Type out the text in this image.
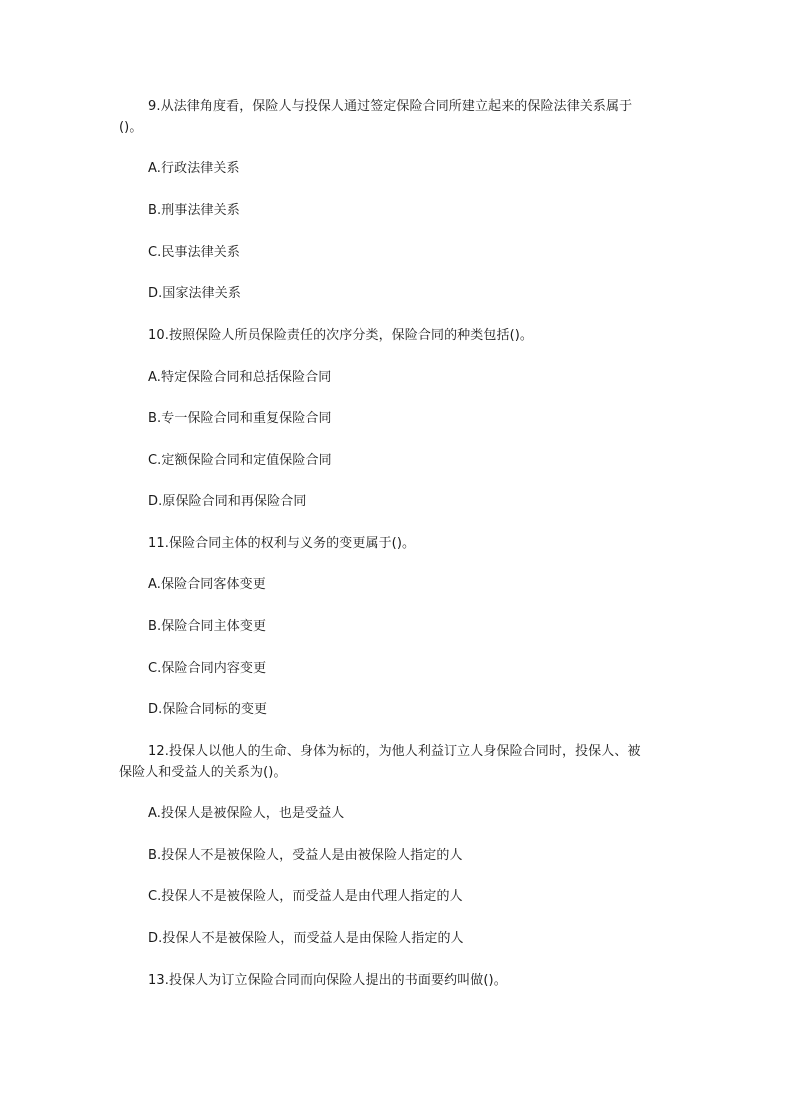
9.从法律角度看，保险人与投保人通过签定保险合同所建立起来的保险法律关系属于
()。
A.行政法律关系
B.刑事法律关系
C.民事法律关系
D.国家法律关系
10.按照保险人所员保险责任的次序分类，保险合同的种类包括()。
A.特定保险合同和总括保险合同
B.专一保险合同和重复保险合同
C.定额保险合同和定值保险合同
D.原保险合同和再保险合同
11.保险合同主体的权利与义务的变更属于()。
A.保险合同客体变更
B.保险合同主体变更
C.保险合同内容变更
D.保险合同标的变更
12.投保人以他人的生命、身体为标的，为他人利益订立人身保险合同时，投保人、被
保险人和受益人的关系为()。
A.投保人是被保险人，也是受益人
B.投保人不是被保险人，受益人是由被保险人指定的人
C.投保人不是被保险人，而受益人是由代理人指定的人
D.投保人不是被保险人，而受益人是由保险人指定的人
13.投保人为订立保险合同而向保险人提出的书面要约叫做()。
